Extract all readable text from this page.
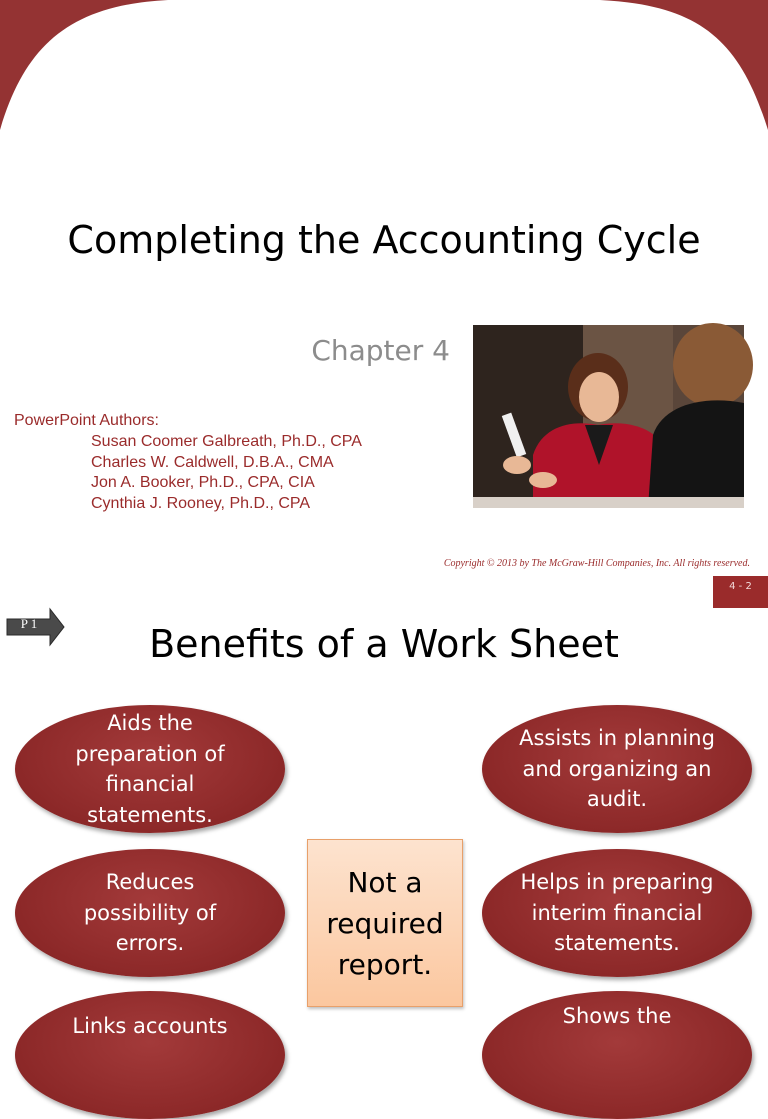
Completing the Accounting Cycle
Chapter 4
PowerPoint Authors:
Susan Coomer Galbreath, Ph.D., CPA
Charles W. Caldwell, D.B.A., CMA
Jon A. Booker, Ph.D., CPA, CIA
Cynthia J. Rooney, Ph.D., CPA
Copyright © 2013 by The McGraw-Hill Companies, Inc. All rights reserved.
4 - 2
P 1	Benefits of a Work Sheet
Aids the preparation of financial statements.
Reduces possibility of errors.
Links accounts
Assists in planning and organizing an audit.
Helps in preparing interim financial statements.
Shows the
Not a required report.
